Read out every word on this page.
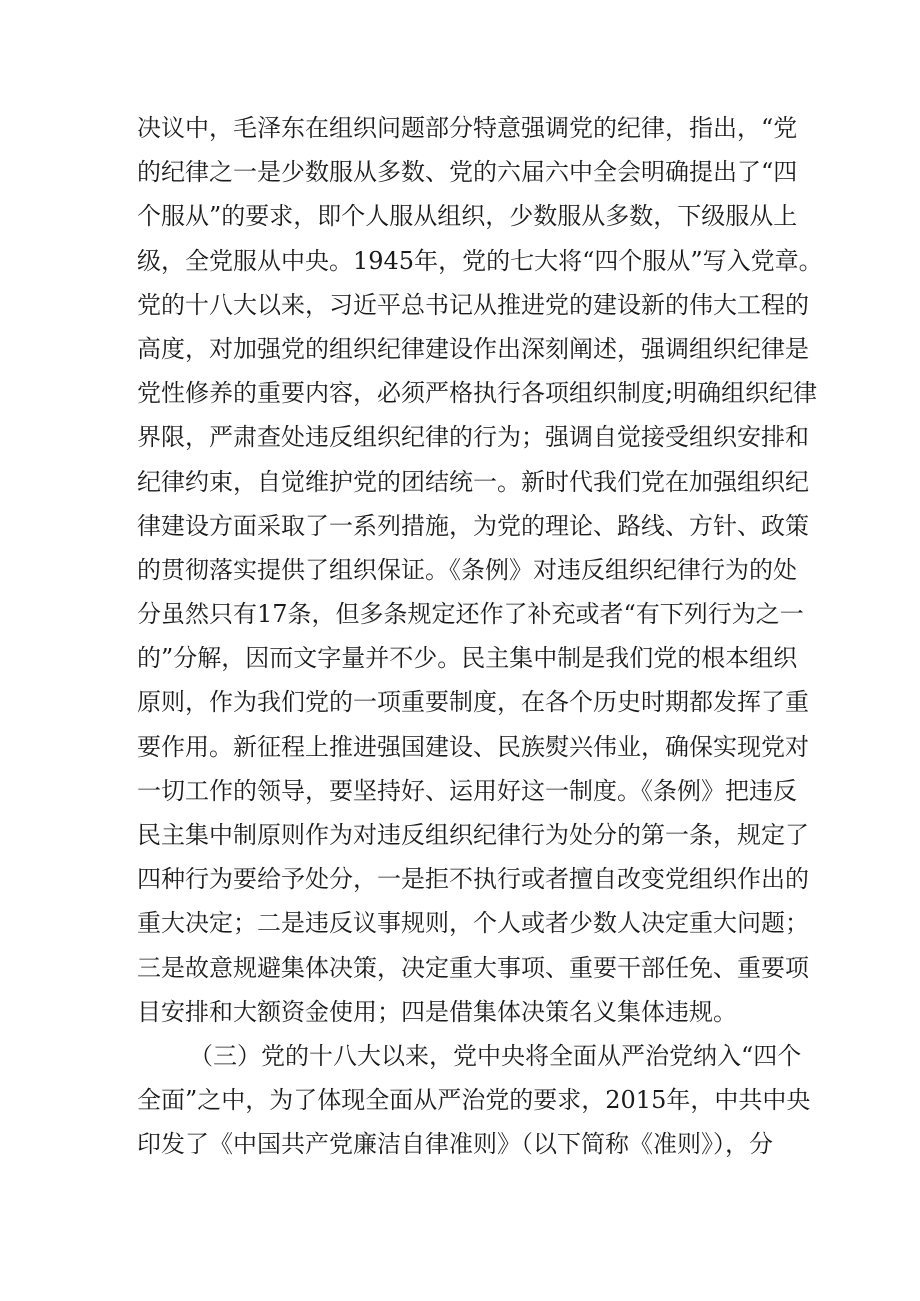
决议中，毛泽东在组织问题部分特意强调党的纪律，指出，“党
的纪律之一是少数服从多数、党的六届六中全会明确提出了“四
个服从”的要求，即个人服从组织，少数服从多数，下级服从上
级，全党服从中央。1945年，党的七大将“四个服从”写入党章。
党的十八大以来，习近平总书记从推进党的建设新的伟大工程的
高度，对加强党的组织纪律建设作出深刻阐述，强调组织纪律是
党性修养的重要内容，必须严格执行各项组织制度;明确组织纪律
界限，严肃查处违反组织纪律的行为；强调自觉接受组织安排和
纪律约束，自觉维护党的团结统一。新时代我们党在加强组织纪
律建设方面采取了一系列措施，为党的理论、路线、方针、政策
的贯彻落实提供了组织保证。《条例》对违反组织纪律行为的处
分虽然只有17条，但多条规定还作了补充或者“有下列行为之一
的”分解，因而文字量并不少。民主集中制是我们党的根本组织
原则，作为我们党的一项重要制度，在各个历史时期都发挥了重
要作用。新征程上推进强国建设、民族熨兴伟业，确保实现党对
一切工作的领导，要坚持好、运用好这一制度。《条例》把违反
民主集中制原则作为对违反组织纪律行为处分的第一条，规定了
四种行为要给予处分，一是拒不执行或者擅自改变党组织作出的
重大决定；二是违反议事规则，个人或者少数人决定重大问题；
三是故意规避集体决策，决定重大事项、重要干部任免、重要项
目安排和大额资金使用；四是借集体决策名义集体违规。
（三）党的十八大以来，党中央将全面从严治党纳入“四个
全面”之中，为了体现全面从严治党的要求，2015年，中共中央
印发了《中国共产党廉洁自律准则》（以下简称《准则》），分
